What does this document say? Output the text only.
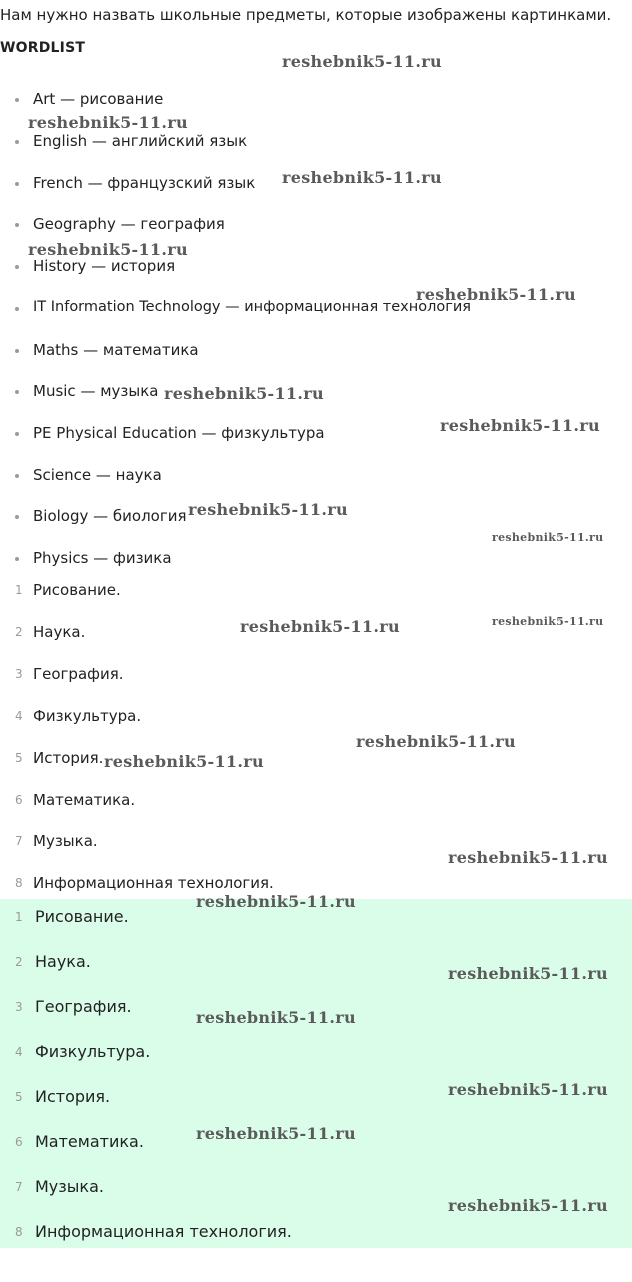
Нам нужно назвать школьные предметы, которые изображены картинками.
WORDLIST
Art — рисование
English — английский язык
French — французский язык
Geography — география
History — история
IT Information Technology — информационная технология
Maths — математика
Music — музыка
PE Physical Education — физкультура
Science — наука
Biology — биология
Physics — физика
1 Рисование.
2 Наука.
3 География.
4 Физкультура.
5 История.
6 Математика.
7 Музыка.
8 Информационная технология.
1 Рисование.
2 Наука.
3 География.
4 Физкультура.
5 История.
6 Математика.
7 Музыка.
8 Информационная технология.
reshebnik5-11.ru
reshebnik5-11.ru
reshebnik5-11.ru
reshebnik5-11.ru
reshebnik5-11.ru
reshebnik5-11.ru
reshebnik5-11.ru
reshebnik5-11.ru
reshebnik5-11.ru
reshebnik5-11.ru	reshebnik5-11.ru
reshebnik5-11.ru
reshebnik5-11.ru
reshebnik5-11.ru
reshebnik5-11.ru
reshebnik5-11.ru
reshebnik5-11.ru
reshebnik5-11.ru
reshebnik5-11.ru
reshebnik5-11.ru
